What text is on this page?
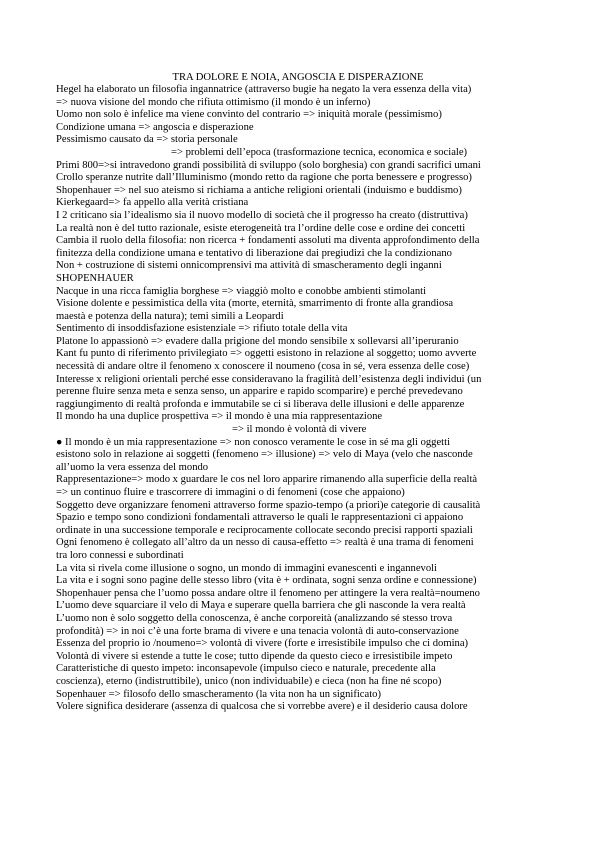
TRA DOLORE E NOIA, ANGOSCIA E DISPERAZIONE
Hegel ha elaborato un filosofia ingannatrice (attraverso bugie ha negato la vera essenza della vita)
=> nuova visione del mondo che rifiuta ottimismo (il mondo è un inferno)
Uomo non solo è infelice ma viene convinto del contrario => iniquità morale (pessimismo)
Condizione umana => angoscia e disperazione
Pessimismo causato da => storia personale
=> problemi dell’epoca (trasformazione tecnica, economica e sociale)
Primi 800=>si intravedono grandi possibilità di sviluppo (solo borghesia) con grandi sacrifici umani
Crollo speranze nutrite dall’Illuminismo (mondo retto da ragione che porta benessere e progresso)
Shopenhauer => nel suo ateismo si richiama a antiche religioni orientali (induismo e buddismo)
Kierkegaard=> fa appello alla verità cristiana
I 2 criticano sia l’idealismo sia il nuovo modello di società che il progresso ha creato (distruttiva)
La realtà non è del tutto razionale, esiste eterogeneità tra l’ordine delle cose e ordine dei concetti
Cambia il ruolo della filosofia: non ricerca + fondamenti assoluti ma diventa approfondimento della
finitezza della condizione umana e tentativo di liberazione dai pregiudizi che la condizionano
Non + costruzione di sistemi onnicomprensivi ma attività di smascheramento degli inganni
SHOPENHAUER
Nacque in una ricca famiglia borghese => viaggiò molto e conobbe ambienti stimolanti
Visione dolente e pessimistica della vita (morte, eternità, smarrimento di fronte alla grandiosa
maestà e potenza della natura); temi simili a Leopardi
Sentimento di insoddisfazione esistenziale => rifiuto totale della vita
Platone lo appassionò => evadere dalla prigione del mondo sensibile x sollevarsi all’iperuranio
Kant fu punto di riferimento privilegiato => oggetti esistono in relazione al soggetto; uomo avverte
necessità di andare oltre il fenomeno x conoscere il noumeno (cosa in sé, vera essenza delle cose)
Interesse x religioni orientali perché esse consideravano la fragilità dell’esistenza degli individui (un
perenne fluire senza meta e senza senso, un apparire e rapido scomparire) e perché prevedevano
raggiungimento di realtà profonda e immutabile se ci si liberava delle illusioni e delle apparenze
Il mondo ha una duplice prospettiva => il mondo è una mia rappresentazione
=> il mondo è volontà di vivere
● Il mondo è un mia rappresentazione => non conosco veramente le cose in sé ma gli oggetti
esistono solo in relazione ai soggetti (fenomeno => illusione) => velo di Maya (velo che nasconde
all’uomo la vera essenza del mondo
Rappresentazione=> modo x guardare le cos nel loro apparire rimanendo alla superficie della realtà
=> un continuo fluire e trascorrere di immagini o di fenomeni (cose che appaiono)
Soggetto deve organizzare fenomeni attraverso forme spazio-tempo (a priori)e categorie di causalità
Spazio e tempo sono condizioni fondamentali attraverso le quali le rappresentazioni ci appaiono
ordinate in una successione temporale e reciprocamente collocate secondo precisi rapporti spaziali
Ogni fenomeno è collegato all’altro da un nesso di causa-effetto => realtà è una trama di fenomeni
tra loro connessi e subordinati
La vita si rivela come illusione o sogno, un mondo di immagini evanescenti e ingannevoli
La vita e i sogni sono pagine delle stesso libro (vita è + ordinata, sogni senza ordine e connessione)
Shopenhauer pensa che l’uomo possa andare oltre il fenomeno per attingere la vera realtà=noumeno
L’uomo deve squarciare il velo di Maya e superare quella barriera che gli nasconde la vera realtà
L’uomo non è solo soggetto della conoscenza, è anche corporeità (analizzando sé stesso trova
profondità) => in noi c’è una forte brama di vivere e una tenacia volontà di auto-conservazione
Essenza del proprio io /noumeno=> volontà di vivere (forte e irresistibile impulso che ci domina)
Volontà di vivere si estende a tutte le cose; tutto dipende da questo cieco e irresistibile impeto
Caratteristiche di questo impeto: inconsapevole (impulso cieco e naturale, precedente alla
coscienza), eterno (indistruttibile), unico (non individuabile) e cieca (non ha fine né scopo)
Sopenhauer => filosofo dello smascheramento (la vita non ha un significato)
Volere significa desiderare (assenza di qualcosa che si vorrebbe avere) e il desiderio causa dolore
